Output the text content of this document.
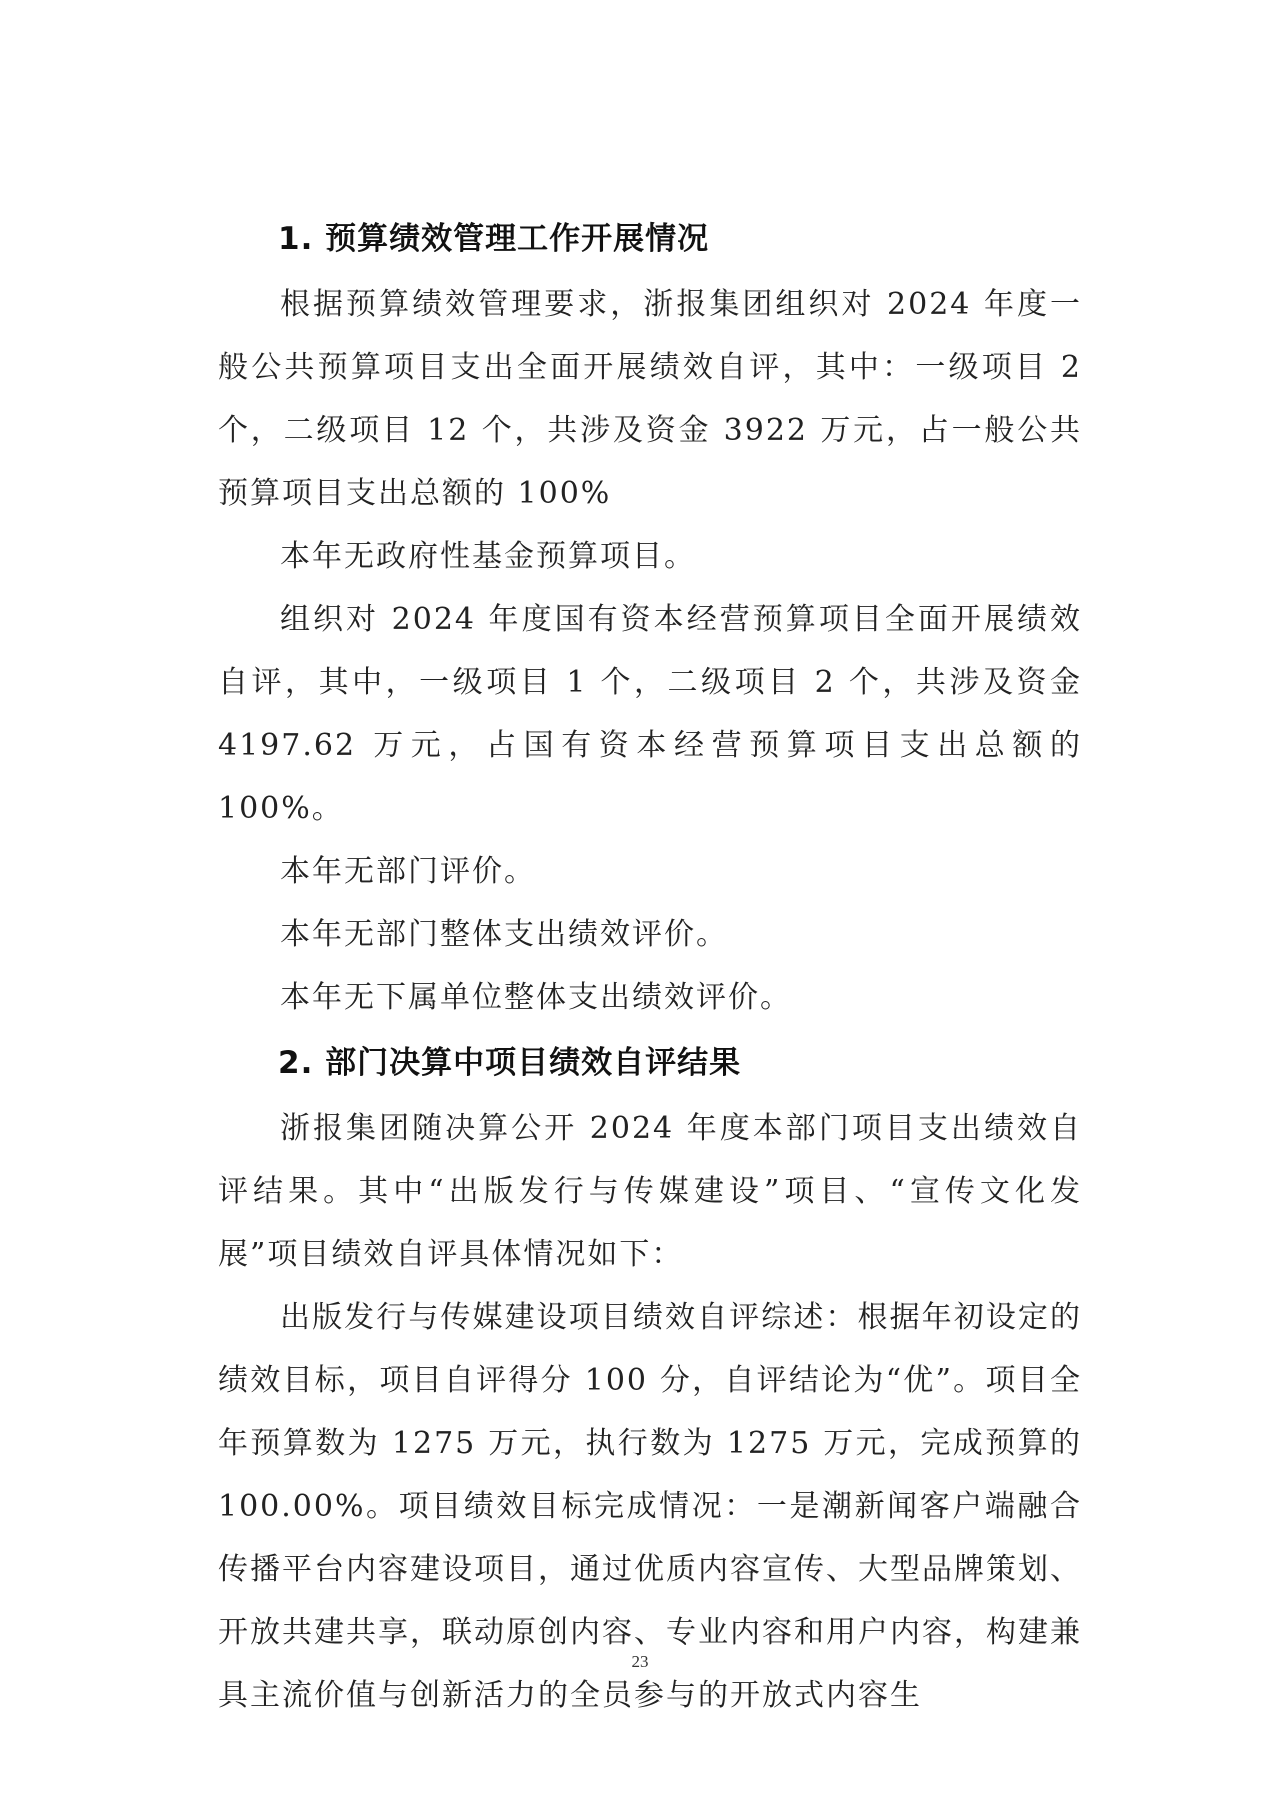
1. 预算绩效管理工作开展情况

根据预算绩效管理要求，浙报集团组织对 2024 年度一般公共预算项目支出全面开展绩效自评，其中：一级项目 2 个，二级项目 12 个，共涉及资金 3922 万元，占一般公共预算项目支出总额的 100%

本年无政府性基金预算项目。

组织对 2024 年度国有资本经营预算项目全面开展绩效自评，其中，一级项目 1 个，二级项目 2 个，共涉及资金 4197.62 万元，占国有资本经营预算项目支出总额的 100%。

本年无部门评价。

本年无部门整体支出绩效评价。

本年无下属单位整体支出绩效评价。

2. 部门决算中项目绩效自评结果

浙报集团随决算公开 2024 年度本部门项目支出绩效自评结果。其中“出版发行与传媒建设”项目、“宣传文化发展”项目绩效自评具体情况如下：

出版发行与传媒建设项目绩效自评综述：根据年初设定的绩效目标，项目自评得分 100 分，自评结论为“优”。项目全年预算数为 1275 万元，执行数为 1275 万元，完成预算的 100.00%。项目绩效目标完成情况：一是潮新闻客户端融合传播平台内容建设项目，通过优质内容宣传、大型品牌策划、开放共建共享，联动原创内容、专业内容和用户内容，构建兼具主流价值与创新活力的全员参与的开放式内容生

23
